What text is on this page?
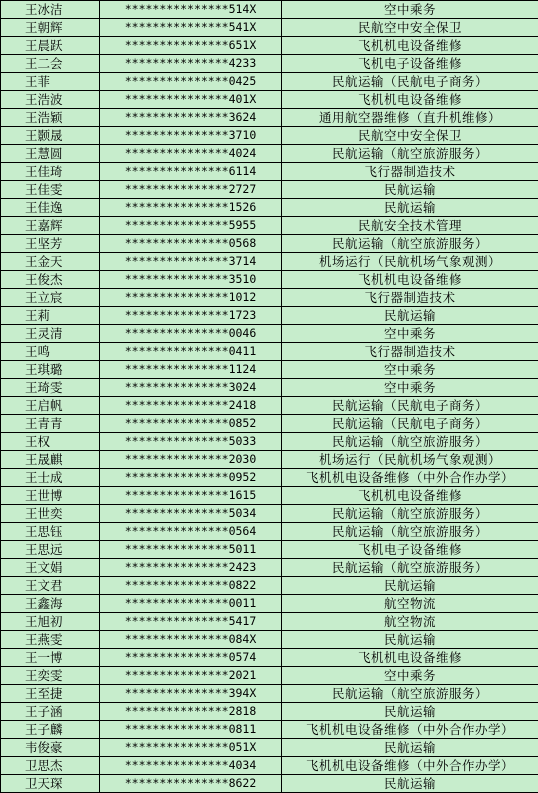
王冰洁	***************514X	空中乘务
王朝辉	***************541X	民航空中安全保卫
王晨跃	***************651X	飞机机电设备维修
王二会	***************4233	飞机电子设备维修
王菲	***************0425	民航运输（民航电子商务）
王浩波	***************401X	飞机机电设备维修
王浩颖	***************3624	通用航空器维修（直升机维修）
王颢晟	***************3710	民航空中安全保卫
王慧圆	***************4024	民航运输（航空旅游服务）
王佳琦	***************6114	飞行器制造技术
王佳雯	***************2727	民航运输
王佳逸	***************1526	民航运输
王嘉辉	***************5955	民航安全技术管理
王坚芳	***************0568	民航运输（航空旅游服务）
王金天	***************3714	机场运行（民航机场气象观测）
王俊杰	***************3510	飞机机电设备维修
王立宸	***************1012	飞行器制造技术
王莉	***************1723	民航运输
王灵清	***************0046	空中乘务
王鸣	***************0411	飞行器制造技术
王琪璐	***************1124	空中乘务
王琦雯	***************3024	空中乘务
王启帆	***************2418	民航运输（民航电子商务）
王青青	***************0852	民航运输（民航电子商务）
王权	***************5033	民航运输（航空旅游服务）
王晟麒	***************2030	机场运行（民航机场气象观测）
王士成	***************0952	飞机机电设备维修（中外合作办学）
王世博	***************1615	飞机机电设备维修
王世奕	***************5034	民航运输（航空旅游服务）
王思钰	***************0564	民航运输（航空旅游服务）
王思远	***************5011	飞机电子设备维修
王文娟	***************2423	民航运输（航空旅游服务）
王文君	***************0822	民航运输
王鑫海	***************0011	航空物流
王旭初	***************5417	航空物流
王燕雯	***************084X	民航运输
王一博	***************0574	飞机机电设备维修
王奕雯	***************2021	空中乘务
王至捷	***************394X	民航运输（航空旅游服务）
王子涵	***************2818	民航运输
王子麟	***************0811	飞机机电设备维修（中外合作办学）
韦俊豪	***************051X	民航运输
卫思杰	***************4034	飞机机电设备维修（中外合作办学）
卫天琛	***************8622	民航运输
